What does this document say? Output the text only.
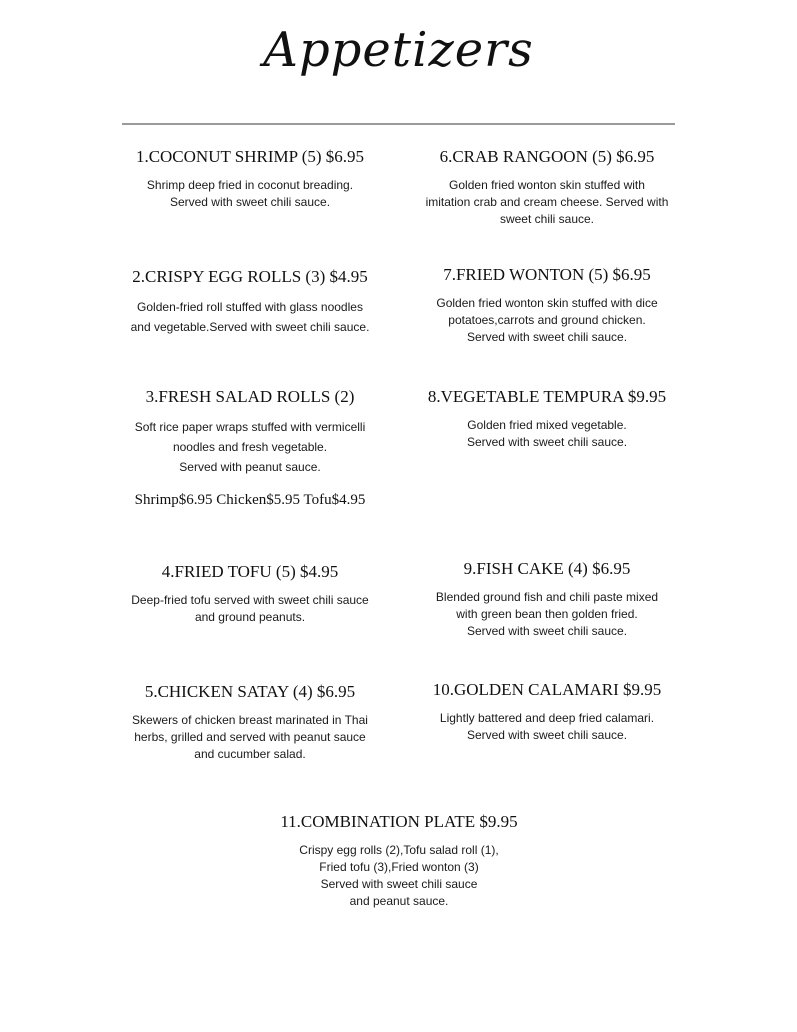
Appetizers
1.COCONUT SHRIMP (5) $6.95
Shrimp deep fried in coconut breading.
Served with sweet chili sauce.
2.CRISPY EGG ROLLS (3) $4.95
Golden-fried roll stuffed with glass noodles
and vegetable.Served with sweet chili sauce.
3.FRESH SALAD ROLLS (2)
Soft rice paper wraps stuffed with vermicelli
noodles and fresh vegetable.
Served with peanut sauce.
Shrimp$6.95 Chicken$5.95 Tofu$4.95
4.FRIED TOFU (5) $4.95
Deep-fried tofu served with sweet chili sauce
and ground peanuts.
5.CHICKEN SATAY (4) $6.95
Skewers of chicken breast marinated in Thai
herbs, grilled and served with peanut sauce
and cucumber salad.
6.CRAB RANGOON (5) $6.95
Golden fried wonton skin stuffed with
imitation crab and cream cheese. Served with
sweet chili sauce.
7.FRIED WONTON (5) $6.95
Golden fried wonton skin stuffed with dice
potatoes,carrots and ground chicken.
Served with sweet chili sauce.
8.VEGETABLE TEMPURA $9.95
Golden fried mixed vegetable.
Served with sweet chili sauce.
9.FISH CAKE (4) $6.95
Blended ground fish and chili paste mixed
with green bean then golden fried.
Served with sweet chili sauce.
10.GOLDEN CALAMARI $9.95
Lightly battered and deep fried calamari.
Served with sweet chili sauce.
11.COMBINATION PLATE $9.95
Crispy egg rolls (2),Tofu salad roll (1),
Fried tofu (3),Fried wonton (3)
Served with sweet chili sauce
and peanut sauce.
